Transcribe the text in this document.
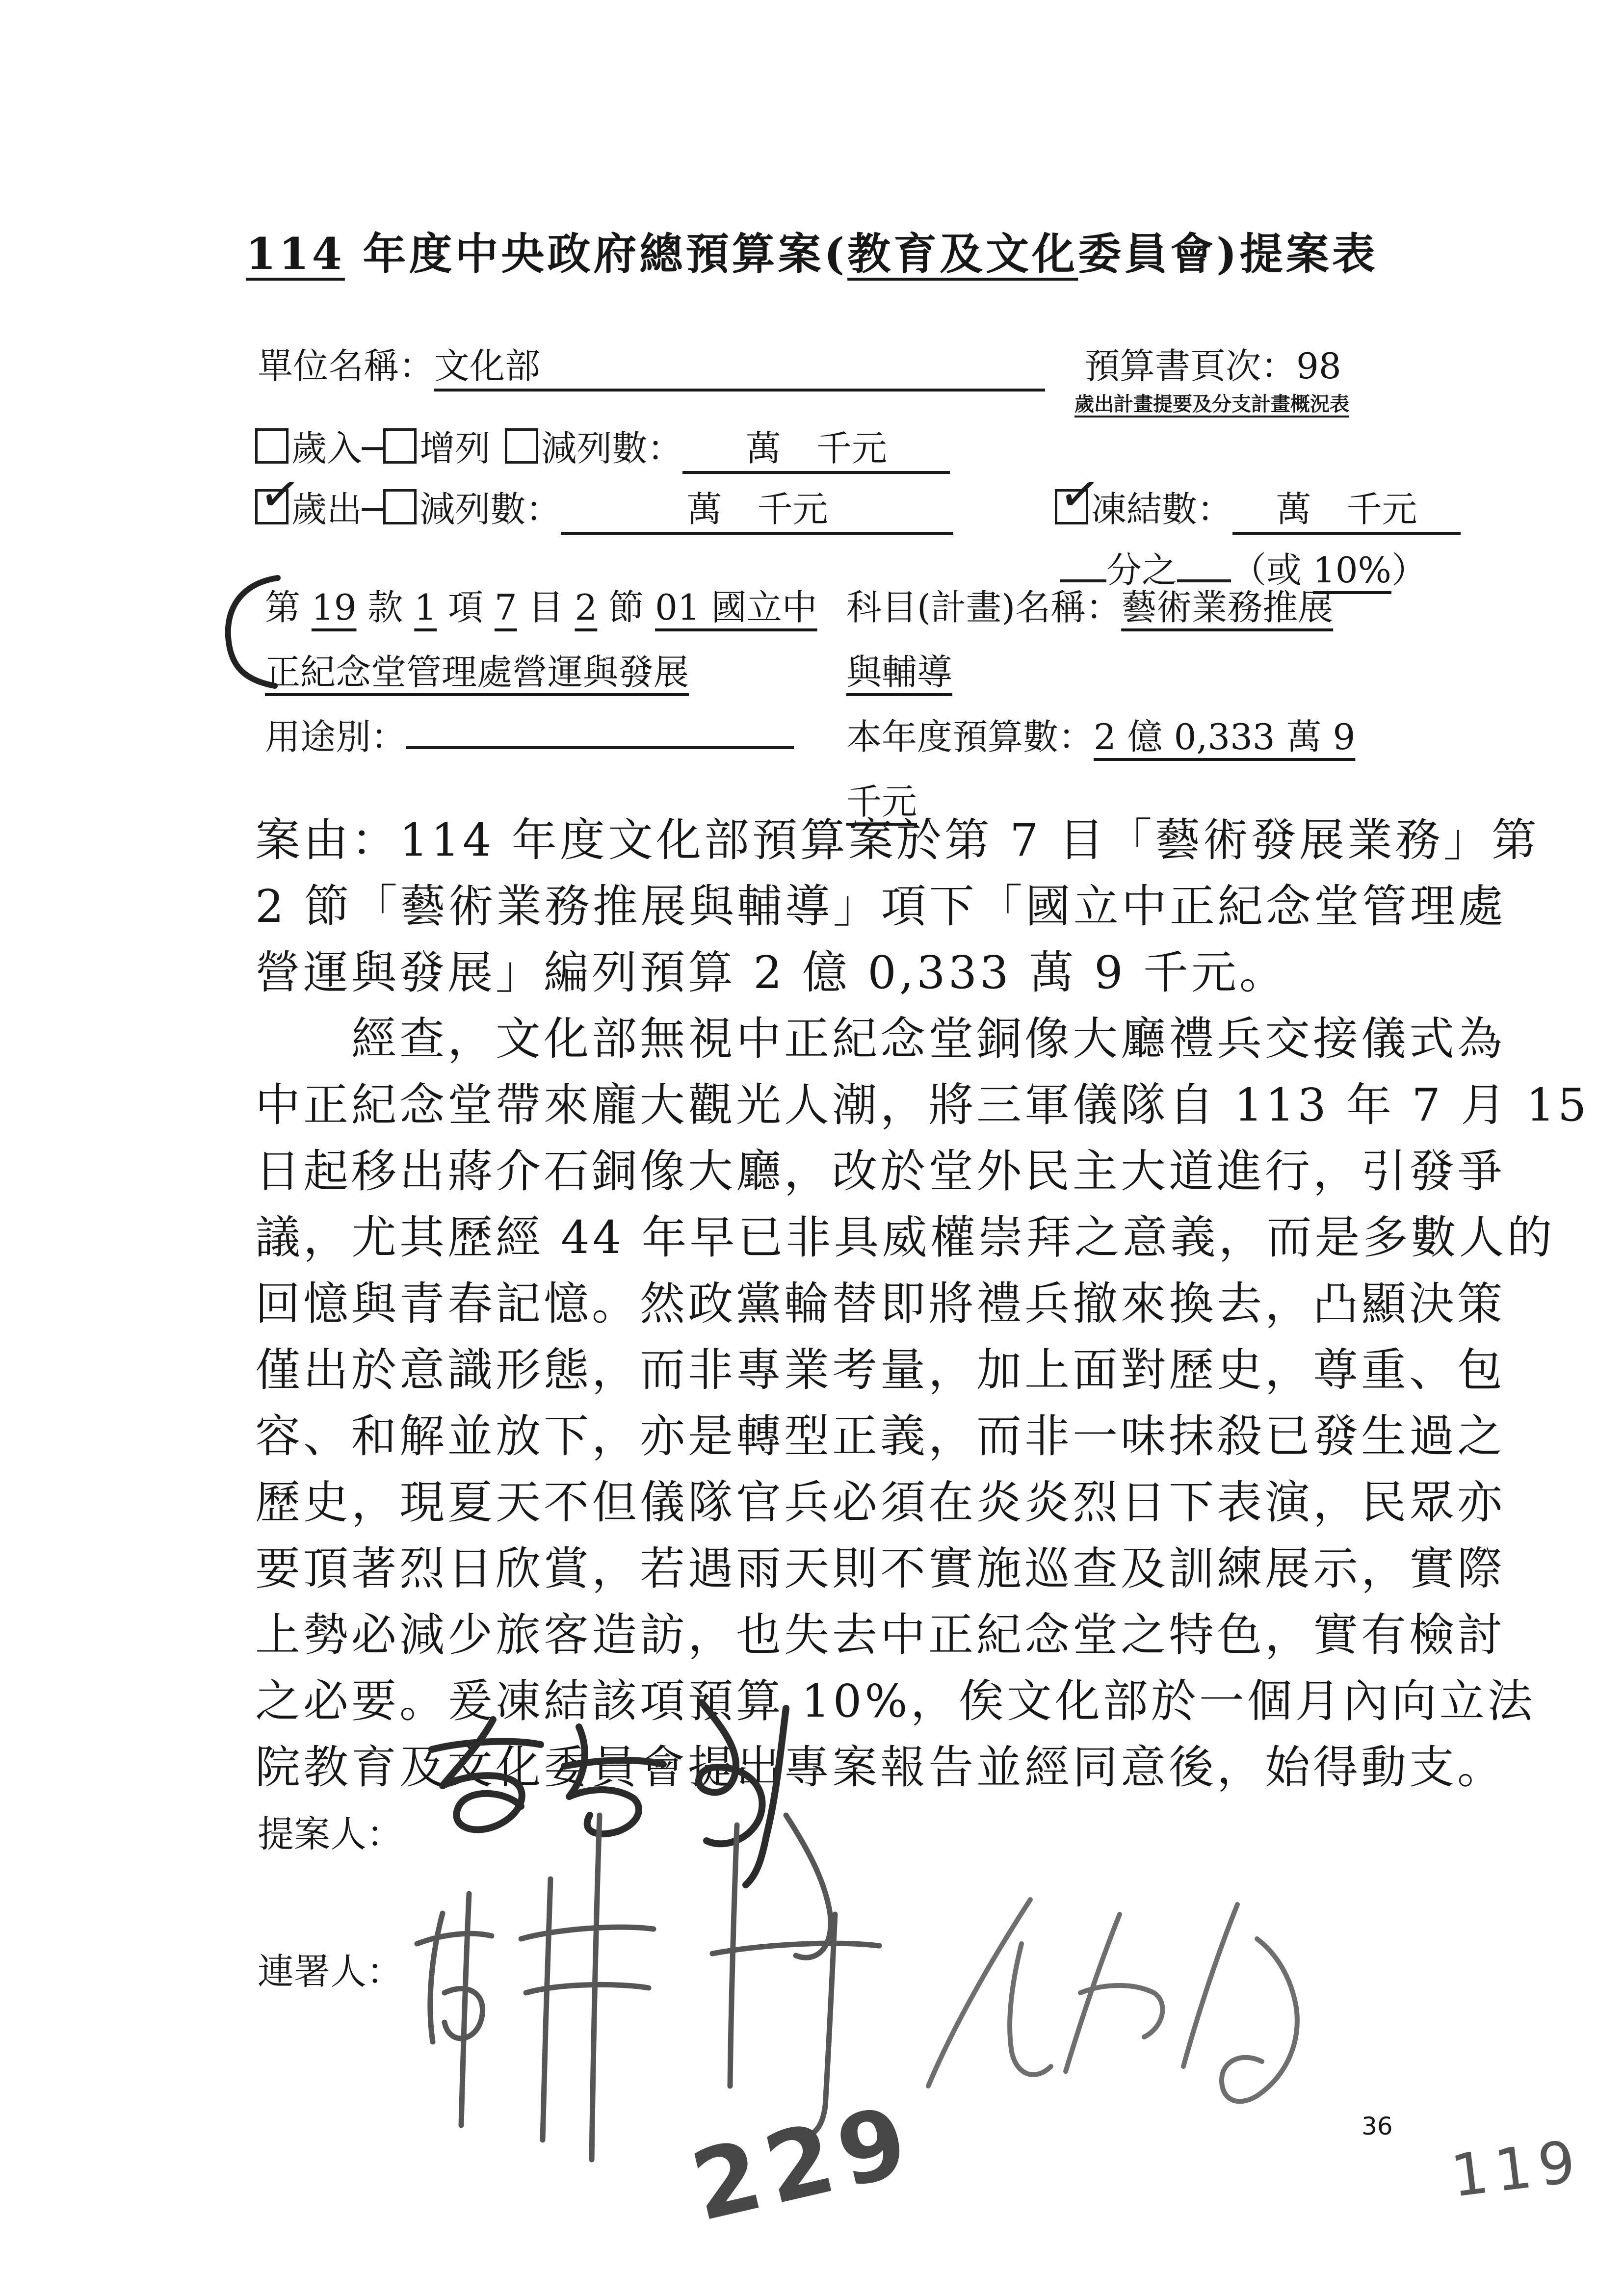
114 年度中央政府總預算案(教育及文化委員會)提案表
單位名稱：文化部	預算書頁次：98
歲出計畫提要及分支計畫概況表
歲入─ 增列 減列數： 萬　千元
✓
歲出─ 減列數：	萬　千元	✓
凍結數： 萬　千元
分之 （或 10%）
第 19 款 1 項 7 目 2 節 01 國立中
正紀念堂管理處營運與發展
科目(計畫)名稱：藝術業務推展
與輔導
用途別：	本年度預算數：2 億 0,333 萬 9
千元
案由：114 年度文化部預算案於第 7 目「藝術發展業務」第
2 節「藝術業務推展與輔導」項下「國立中正紀念堂管理處
營運與發展」編列預算 2 億 0,333 萬 9 千元。
　　經查，文化部無視中正紀念堂銅像大廳禮兵交接儀式為
中正紀念堂帶來龐大觀光人潮，將三軍儀隊自 113 年 7 月 15
日起移出蔣介石銅像大廳，改於堂外民主大道進行，引發爭
議，尤其歷經 44 年早已非具威權崇拜之意義，而是多數人的
回憶與青春記憶。然政黨輪替即將禮兵撤來換去，凸顯決策
僅出於意識形態，而非專業考量，加上面對歷史，尊重、包
容、和解並放下，亦是轉型正義，而非一味抹殺已發生過之
歷史，現夏天不但儀隊官兵必須在炎炎烈日下表演，民眾亦
要頂著烈日欣賞，若遇雨天則不實施巡查及訓練展示，實際
上勢必減少旅客造訪，也失去中正紀念堂之特色，實有檢討
之必要。爰凍結該項預算 10%，俟文化部於一個月內向立法
院教育及文化委員會提出專案報告並經同意後，始得動支。
提案人：
連署人：
36
229	119
